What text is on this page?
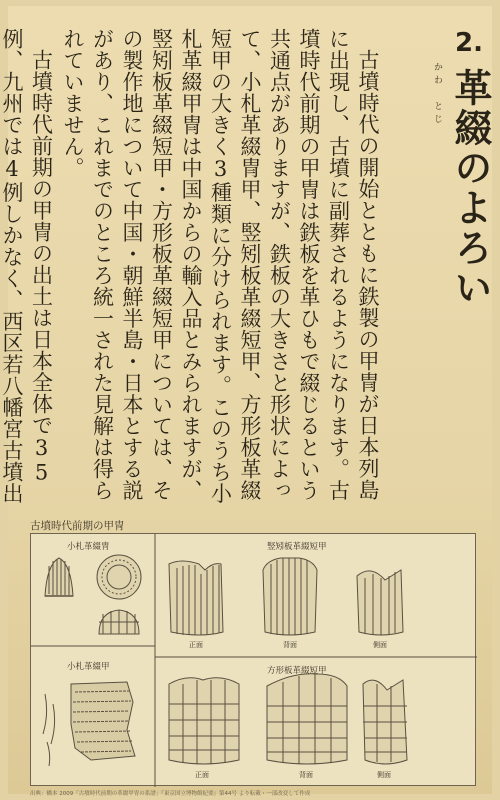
2.
かわ　とじ 革綴のよろい

古墳時代の開始とともに鉄製の甲冑が日本列島に出現し、古墳に副葬されるようになります。古墳時代前期の甲冑は鉄板を革ひもで綴じるという共通点がありますが、鉄板の大きさと形状によって、小札革綴冑甲、竪矧板革綴短甲、方形板革綴短甲の大きく3種類に分けられます。このうち小札革綴甲冑は中国からの輸入品とみられますが、竪矧板革綴短甲・方形板革綴短甲については、その製作地について中国・朝鮮半島・日本とする説があり、これまでのところ統一された見解は得られていません。

古墳時代前期の甲冑の出土は日本全体で35例、九州では4例しかなく、西区若八幡宮古墳出

古墳時代前期の甲冑
小札革綴冑
小札革綴甲
竪矧板革綴短甲
方形板革綴短甲
正面	背面	側面
正面	背面	側面
出典：橋本 2009「古墳時代前期の革綴甲冑の系譜」『東京国立博物館紀要』第44号 より転載・一部改変して作成
